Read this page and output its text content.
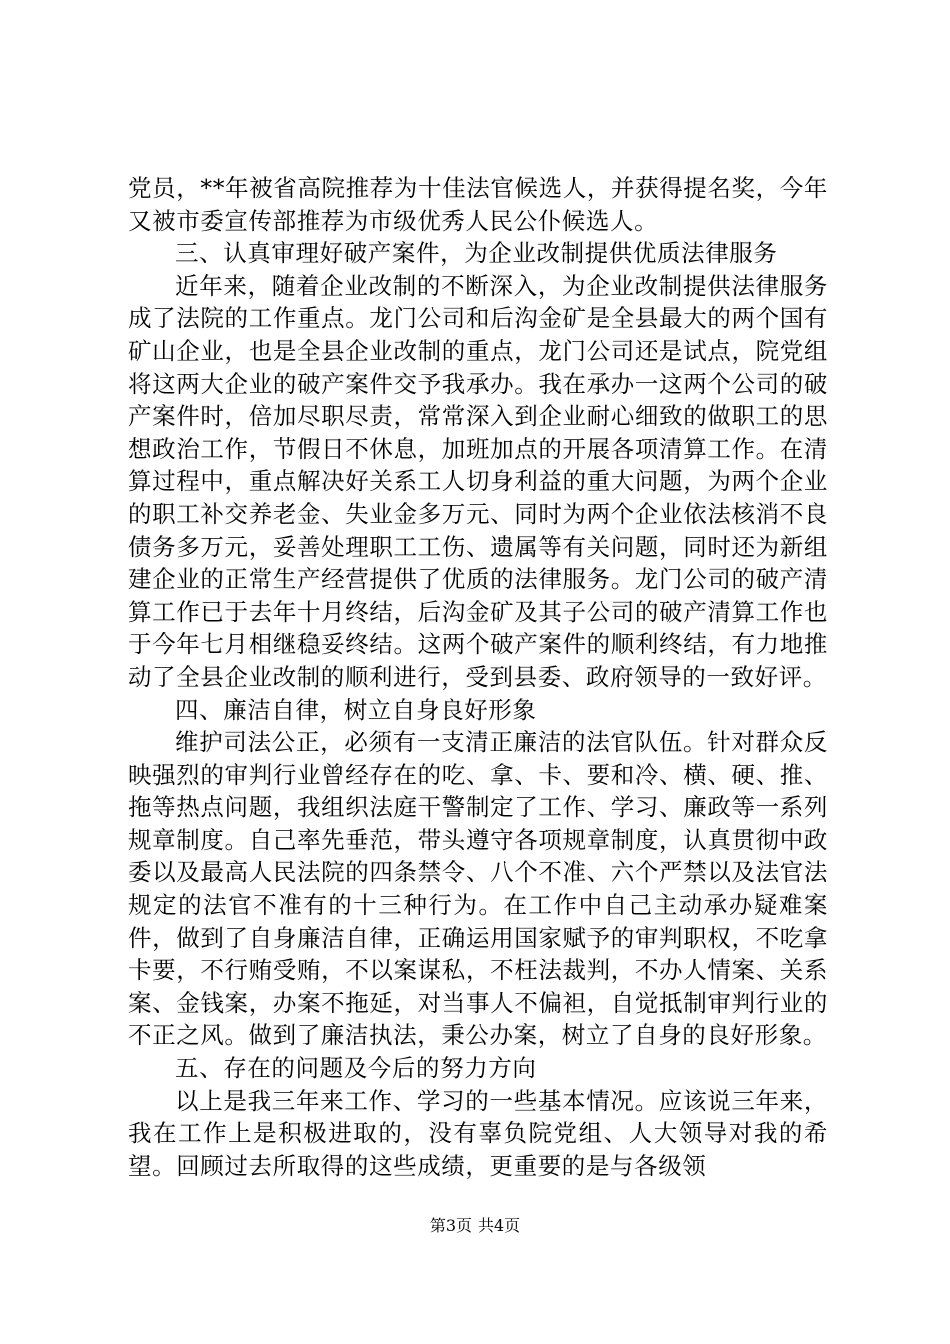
党员，**年被省高院推荐为十佳法官候选人，并获得提名奖，今年又被市委宣传部推荐为市级优秀人民公仆候选人。

三、认真审理好破产案件，为企业改制提供优质法律服务

近年来，随着企业改制的不断深入，为企业改制提供法律服务成了法院的工作重点。龙门公司和后沟金矿是全县最大的两个国有矿山企业，也是全县企业改制的重点，龙门公司还是试点，院党组将这两大企业的破产案件交予我承办。我在承办一这两个公司的破产案件时，倍加尽职尽责，常常深入到企业耐心细致的做职工的思想政治工作，节假日不休息，加班加点的开展各项清算工作。在清算过程中，重点解决好关系工人切身利益的重大问题，为两个企业的职工补交养老金、失业金多万元、同时为两个企业依法核消不良债务多万元，妥善处理职工工伤、遗属等有关问题，同时还为新组建企业的正常生产经营提供了优质的法律服务。龙门公司的破产清算工作已于去年十月终结，后沟金矿及其子公司的破产清算工作也于今年七月相继稳妥终结。这两个破产案件的顺利终结，有力地推动了全县企业改制的顺利进行，受到县委、政府领导的一致好评。

四、廉洁自律，树立自身良好形象

维护司法公正，必须有一支清正廉洁的法官队伍。针对群众反映强烈的审判行业曾经存在的吃、拿、卡、要和冷、横、硬、推、拖等热点问题，我组织法庭干警制定了工作、学习、廉政等一系列规章制度。自己率先垂范，带头遵守各项规章制度，认真贯彻中政委以及最高人民法院的四条禁令、八个不准、六个严禁以及法官法规定的法官不准有的十三种行为。在工作中自己主动承办疑难案件，做到了自身廉洁自律，正确运用国家赋予的审判职权，不吃拿卡要，不行贿受贿，不以案谋私，不枉法裁判，不办人情案、关系案、金钱案，办案不拖延，对当事人不偏袒，自觉抵制审判行业的不正之风。做到了廉洁执法，秉公办案，树立了自身的良好形象。

五、存在的问题及今后的努力方向

以上是我三年来工作、学习的一些基本情况。应该说三年来，我在工作上是积极进取的，没有辜负院党组、人大领导对我的希望。回顾过去所取得的这些成绩，更重要的是与各级领

第3页 共4页
